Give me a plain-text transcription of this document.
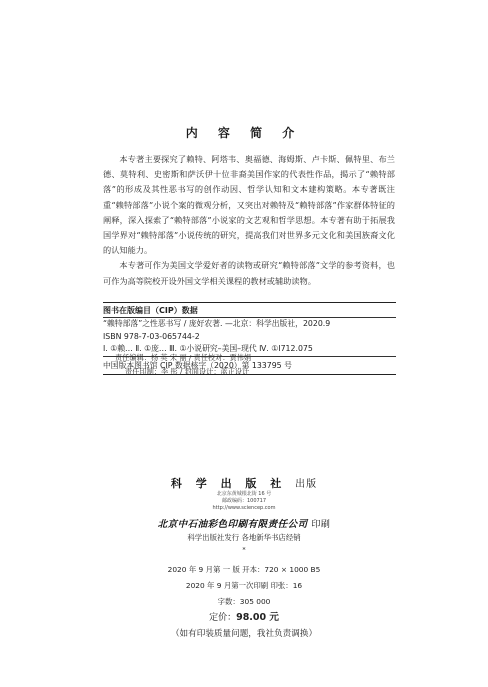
内 容 简 介

本专著主要探究了赖特、阿塔韦、奥福德、海姆斯、卢卡斯、佩特里、布兰德、莫特利、史密斯和萨沃伊十位非裔美国作家的代表性作品，揭示了“赖特部落”的形成及其性恶书写的创作动因、哲学认知和文本建构策略。本专著既注重“赖特部落”小说个案的微观分析，又突出对赖特及“赖特部落”作家群体特征的阐释，深入探索了“赖特部落”小说家的文艺观和哲学思想。本专著有助于拓展我国学界对“赖特部落”小说传统的研究，提高我们对世界多元文化和美国族裔文化的认知能力。

本专著可作为美国文学爱好者的读物或研究“赖特部落”文学的参考资料，也可作为高等院校开设外国文学相关课程的教材或辅助读物。

图书在版编目（CIP）数据
“赖特部落”之性恶书写 / 庞好农著. —北京：科学出版社，2020.9
ISBN 978-7-03-065744-2
Ⅰ. ①赖… Ⅱ. ①庞… Ⅲ. ①小说研究–美国–现代 Ⅳ. ①I712.075
中国版本图书馆 CIP 数据核字（2020）第 133795 号
责任编辑：杨 英 宋 丽 / 责任校对：贾伟娟
责任印制：李 彤 / 封面设计：蓝正设计
科 学 出 版 社 出版
北京东黄城根北街 16 号
邮政编码：100717
http://www.sciencep.com
北京中石油彩色印刷有限责任公司 印刷
科学出版社发行 各地新华书店经销
*
2020 年 9 月第 一 版 开本：720 × 1000 B5
2020 年 9 月第一次印刷 印张：16
字数：305 000
定价：98.00 元
（如有印装质量问题，我社负责调换）
